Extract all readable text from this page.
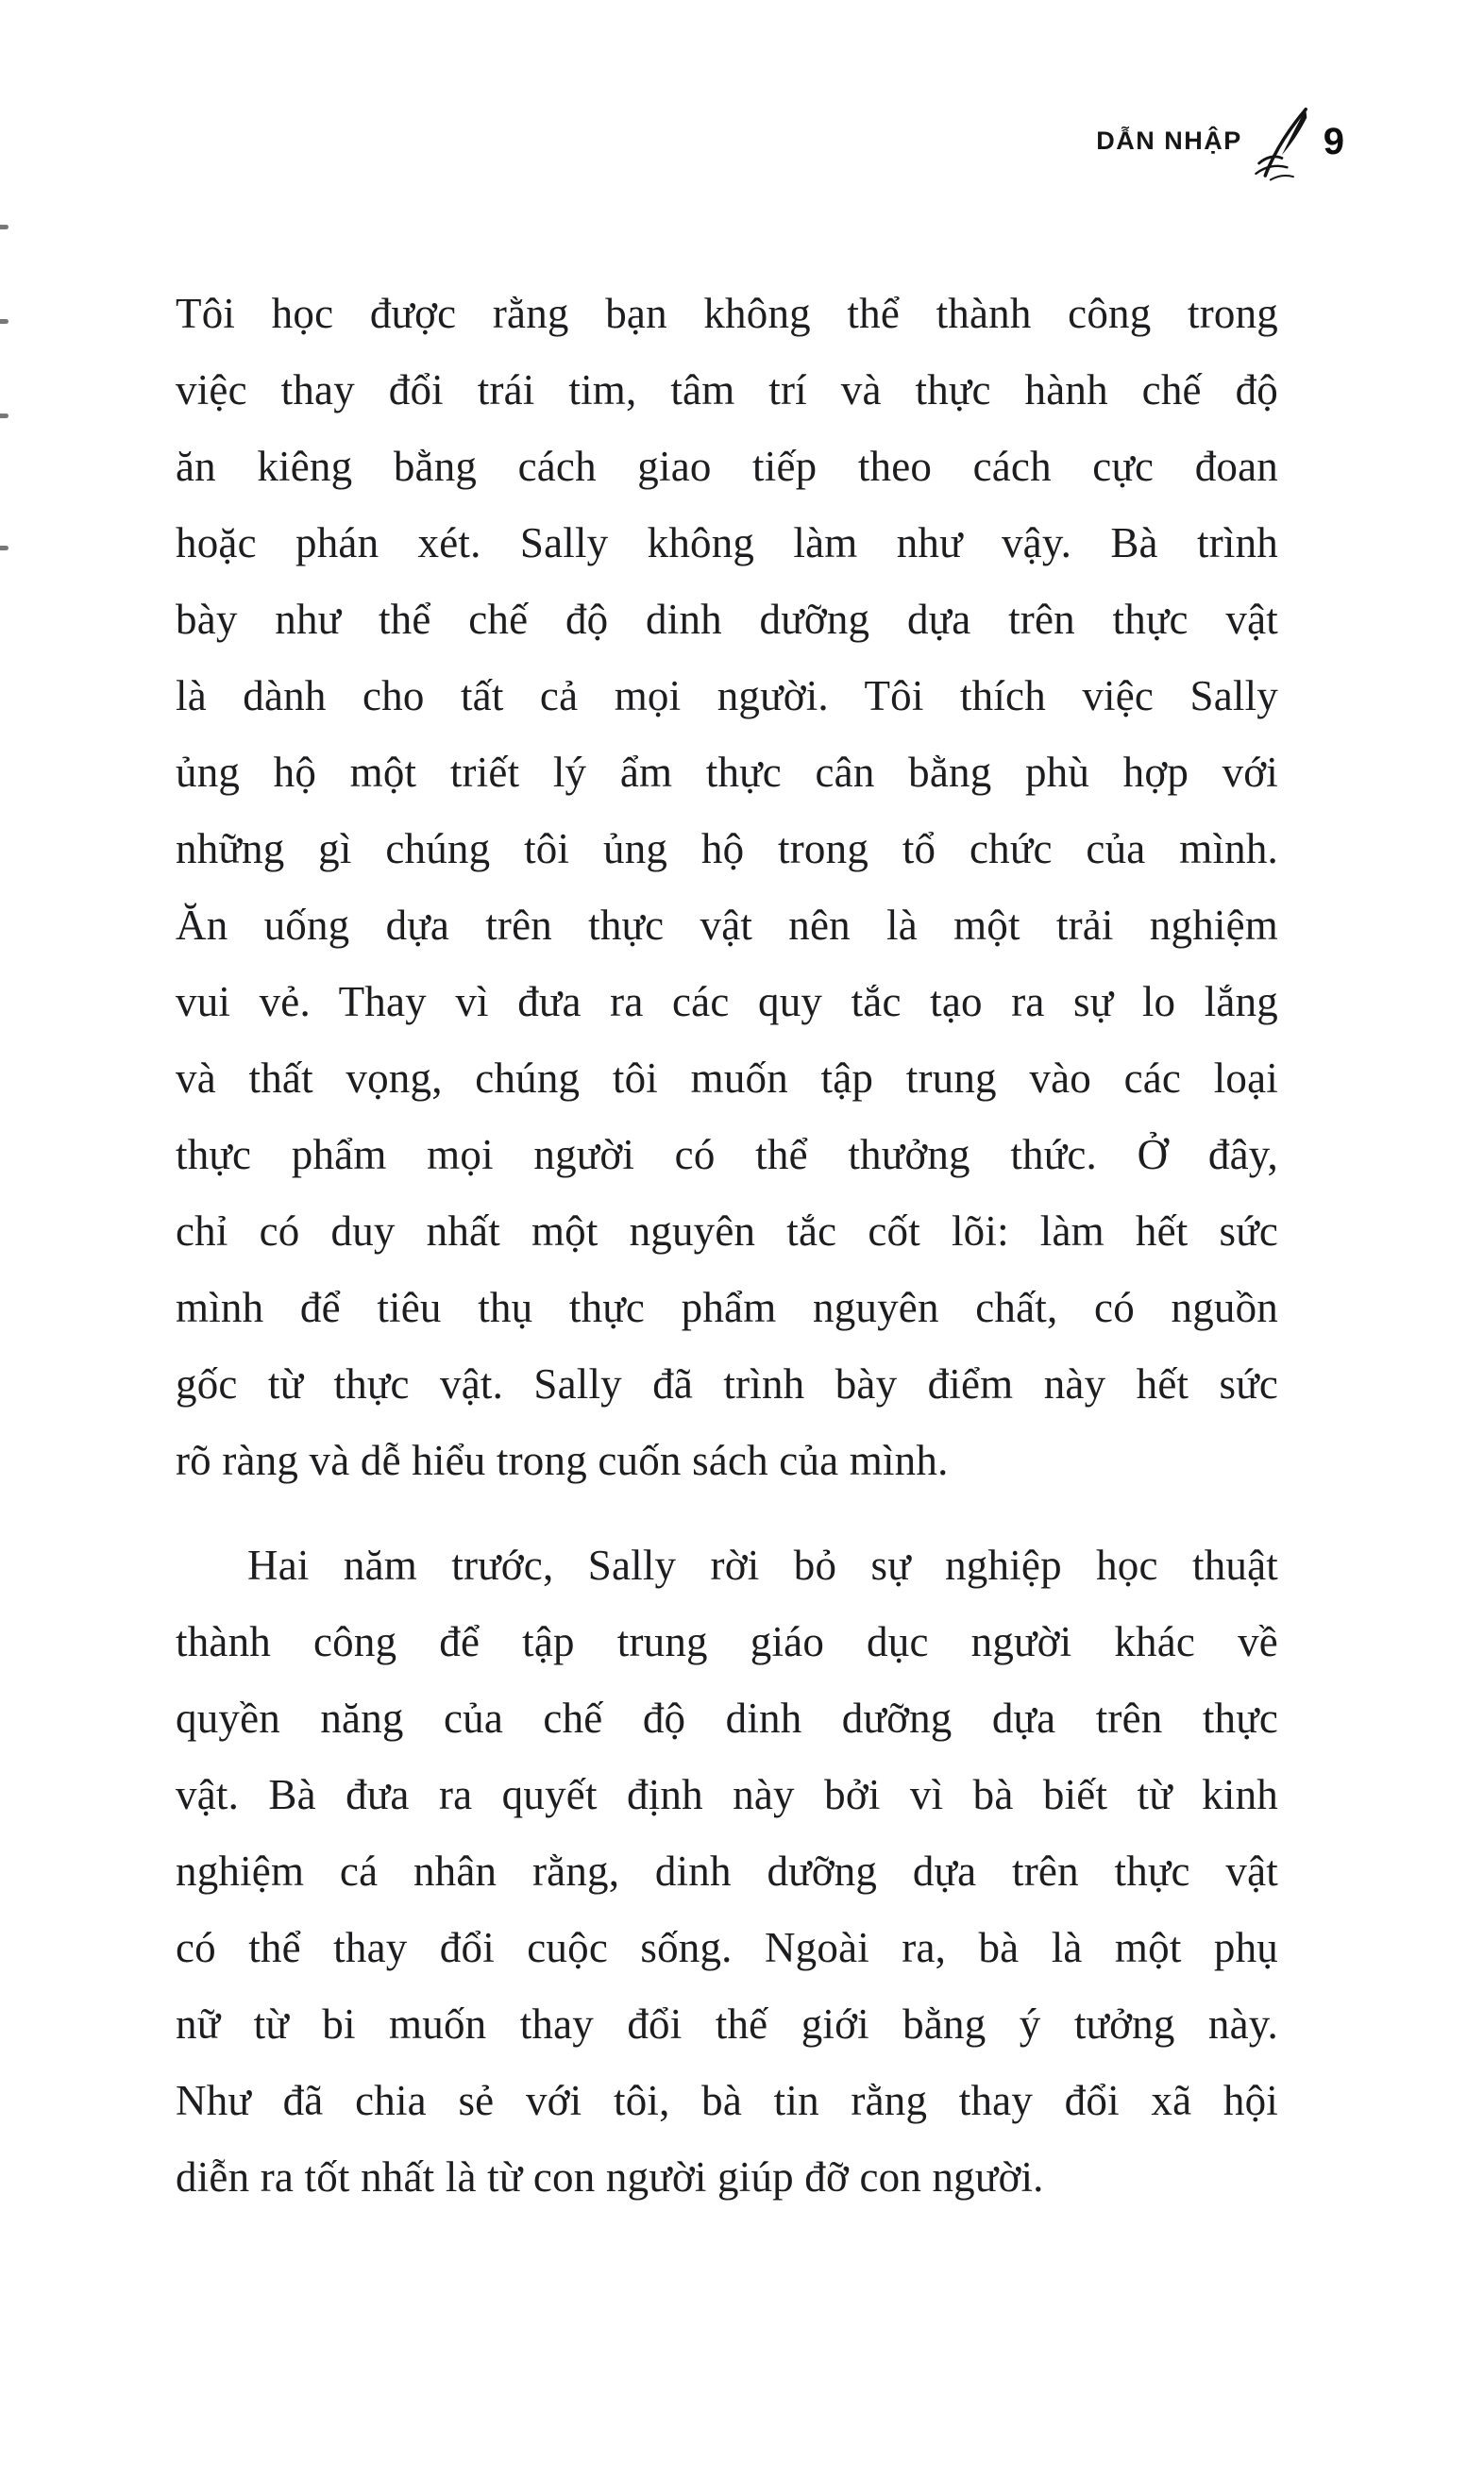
DẪN NHẬP 9

Tôi học được rằng bạn không thể thành công trong
việc thay đổi trái tim, tâm trí và thực hành chế độ
ăn kiêng bằng cách giao tiếp theo cách cực đoan
hoặc phán xét. Sally không làm như vậy. Bà trình
bày như thể chế độ dinh dưỡng dựa trên thực vật
là dành cho tất cả mọi người. Tôi thích việc Sally
ủng hộ một triết lý ẩm thực cân bằng phù hợp với
những gì chúng tôi ủng hộ trong tổ chức của mình.
Ăn uống dựa trên thực vật nên là một trải nghiệm
vui vẻ. Thay vì đưa ra các quy tắc tạo ra sự lo lắng
và thất vọng, chúng tôi muốn tập trung vào các loại
thực phẩm mọi người có thể thưởng thức. Ở đây,
chỉ có duy nhất một nguyên tắc cốt lõi: làm hết sức
mình để tiêu thụ thực phẩm nguyên chất, có nguồn
gốc từ thực vật. Sally đã trình bày điểm này hết sức
rõ ràng và dễ hiểu trong cuốn sách của mình.

Hai năm trước, Sally rời bỏ sự nghiệp học thuật
thành công để tập trung giáo dục người khác về
quyền năng của chế độ dinh dưỡng dựa trên thực
vật. Bà đưa ra quyết định này bởi vì bà biết từ kinh
nghiệm cá nhân rằng, dinh dưỡng dựa trên thực vật
có thể thay đổi cuộc sống. Ngoài ra, bà là một phụ
nữ từ bi muốn thay đổi thế giới bằng ý tưởng này.
Như đã chia sẻ với tôi, bà tin rằng thay đổi xã hội
diễn ra tốt nhất là từ con người giúp đỡ con người.
